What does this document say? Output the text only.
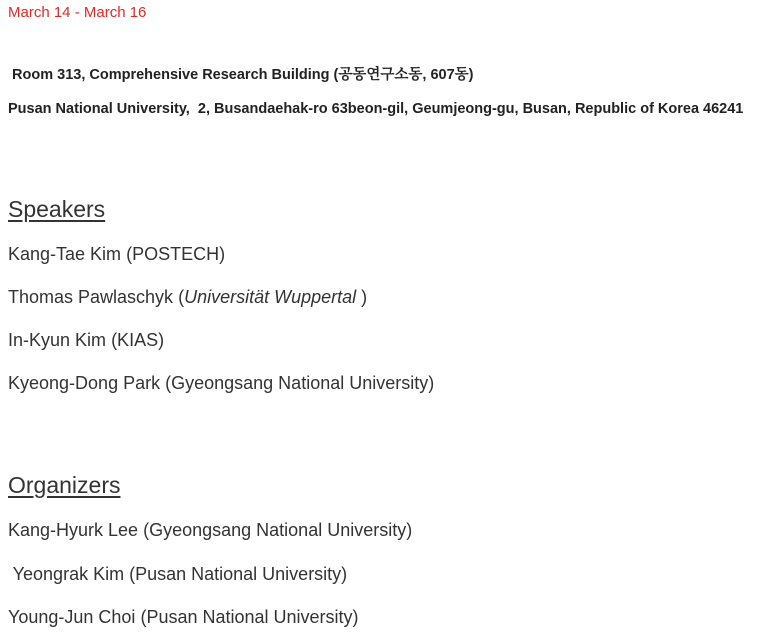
March 14 - March 16
Room 313, Comprehensive Research Building (공동연구소동, 607동)
Pusan National University,  2, Busandaehak-ro 63beon-gil, Geumjeong-gu, Busan, Republic of Korea 46241
Speakers
Kang-Tae Kim (POSTECH)
Thomas Pawlaschyk (Universität Wuppertal )
In-Kyun Kim (KIAS)
Kyeong-Dong Park (Gyeongsang National University)
Organizers
Kang-Hyurk Lee (Gyeongsang National University)
Yeongrak Kim (Pusan National University)
Young-Jun Choi (Pusan National University)
